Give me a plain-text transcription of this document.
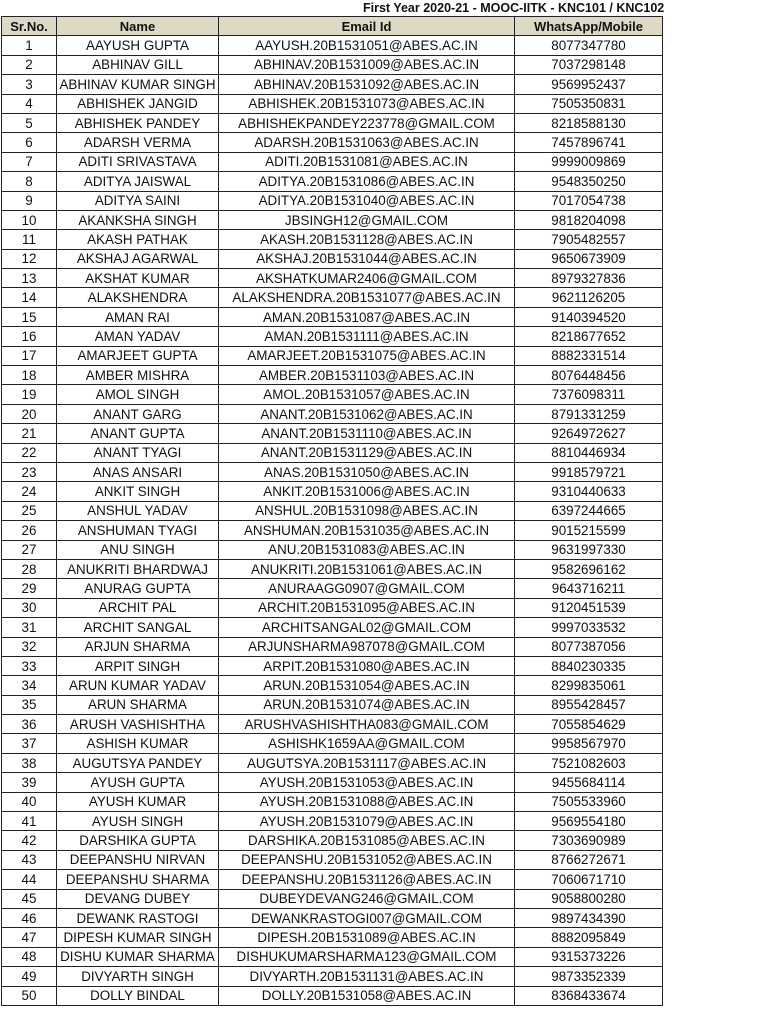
First Year 2020-21 - MOOC-IITK - KNC101 / KNC102
Sr.No.	Name	Email Id	WhatsApp/Mobile
1	AAYUSH GUPTA	AAYUSH.20B1531051@ABES.AC.IN	8077347780
2	ABHINAV GILL	ABHINAV.20B1531009@ABES.AC.IN	7037298148
3	ABHINAV KUMAR SINGH	ABHINAV.20B1531092@ABES.AC.IN	9569952437
4	ABHISHEK JANGID	ABHISHEK.20B1531073@ABES.AC.IN	7505350831
5	ABHISHEK PANDEY	ABHISHEKPANDEY223778@GMAIL.COM	8218588130
6	ADARSH VERMA	ADARSH.20B1531063@ABES.AC.IN	7457896741
7	ADITI SRIVASTAVA	ADITI.20B1531081@ABES.AC.IN	9999009869
8	ADITYA JAISWAL	ADITYA.20B1531086@ABES.AC.IN	9548350250
9	ADITYA SAINI	ADITYA.20B1531040@ABES.AC.IN	7017054738
10	AKANKSHA SINGH	JBSINGH12@GMAIL.COM	9818204098
11	AKASH PATHAK	AKASH.20B1531128@ABES.AC.IN	7905482557
12	AKSHAJ AGARWAL	AKSHAJ.20B1531044@ABES.AC.IN	9650673909
13	AKSHAT KUMAR	AKSHATKUMAR2406@GMAIL.COM	8979327836
14	ALAKSHENDRA	ALAKSHENDRA.20B1531077@ABES.AC.IN	9621126205
15	AMAN RAI	AMAN.20B1531087@ABES.AC.IN	9140394520
16	AMAN YADAV	AMAN.20B1531111@ABES.AC.IN	8218677652
17	AMARJEET GUPTA	AMARJEET.20B1531075@ABES.AC.IN	8882331514
18	AMBER MISHRA	AMBER.20B1531103@ABES.AC.IN	8076448456
19	AMOL SINGH	AMOL.20B1531057@ABES.AC.IN	7376098311
20	ANANT GARG	ANANT.20B1531062@ABES.AC.IN	8791331259
21	ANANT GUPTA	ANANT.20B1531110@ABES.AC.IN	9264972627
22	ANANT TYAGI	ANANT.20B1531129@ABES.AC.IN	8810446934
23	ANAS ANSARI	ANAS.20B1531050@ABES.AC.IN	9918579721
24	ANKIT SINGH	ANKIT.20B1531006@ABES.AC.IN	9310440633
25	ANSHUL YADAV	ANSHUL.20B1531098@ABES.AC.IN	6397244665
26	ANSHUMAN TYAGI	ANSHUMAN.20B1531035@ABES.AC.IN	9015215599
27	ANU SINGH	ANU.20B1531083@ABES.AC.IN	9631997330
28	ANUKRITI BHARDWAJ	ANUKRITI.20B1531061@ABES.AC.IN	9582696162
29	ANURAG GUPTA	ANURAAGG0907@GMAIL.COM	9643716211
30	ARCHIT PAL	ARCHIT.20B1531095@ABES.AC.IN	9120451539
31	ARCHIT SANGAL	ARCHITSANGAL02@GMAIL.COM	9997033532
32	ARJUN SHARMA	ARJUNSHARMA987078@GMAIL.COM	8077387056
33	ARPIT SINGH	ARPIT.20B1531080@ABES.AC.IN	8840230335
34	ARUN KUMAR YADAV	ARUN.20B1531054@ABES.AC.IN	8299835061
35	ARUN SHARMA	ARUN.20B1531074@ABES.AC.IN	8955428457
36	ARUSH VASHISHTHA	ARUSHVASHISHTHA083@GMAIL.COM	7055854629
37	ASHISH KUMAR	ASHISHK1659AA@GMAIL.COM	9958567970
38	AUGUTSYA PANDEY	AUGUTSYA.20B1531117@ABES.AC.IN	7521082603
39	AYUSH GUPTA	AYUSH.20B1531053@ABES.AC.IN	9455684114
40	AYUSH KUMAR	AYUSH.20B1531088@ABES.AC.IN	7505533960
41	AYUSH SINGH	AYUSH.20B1531079@ABES.AC.IN	9569554180
42	DARSHIKA GUPTA	DARSHIKA.20B1531085@ABES.AC.IN	7303690989
43	DEEPANSHU NIRVAN	DEEPANSHU.20B1531052@ABES.AC.IN	8766272671
44	DEEPANSHU SHARMA	DEEPANSHU.20B1531126@ABES.AC.IN	7060671710
45	DEVANG DUBEY	DUBEYDEVANG246@GMAIL.COM	9058800280
46	DEWANK RASTOGI	DEWANKRASTOGI007@GMAIL.COM	9897434390
47	DIPESH KUMAR SINGH	DIPESH.20B1531089@ABES.AC.IN	8882095849
48	DISHU KUMAR SHARMA	DISHUKUMARSHARMA123@GMAIL.COM	9315373226
49	DIVYARTH SINGH	DIVYARTH.20B1531131@ABES.AC.IN	9873352339
50	DOLLY BINDAL	DOLLY.20B1531058@ABES.AC.IN	8368433674
